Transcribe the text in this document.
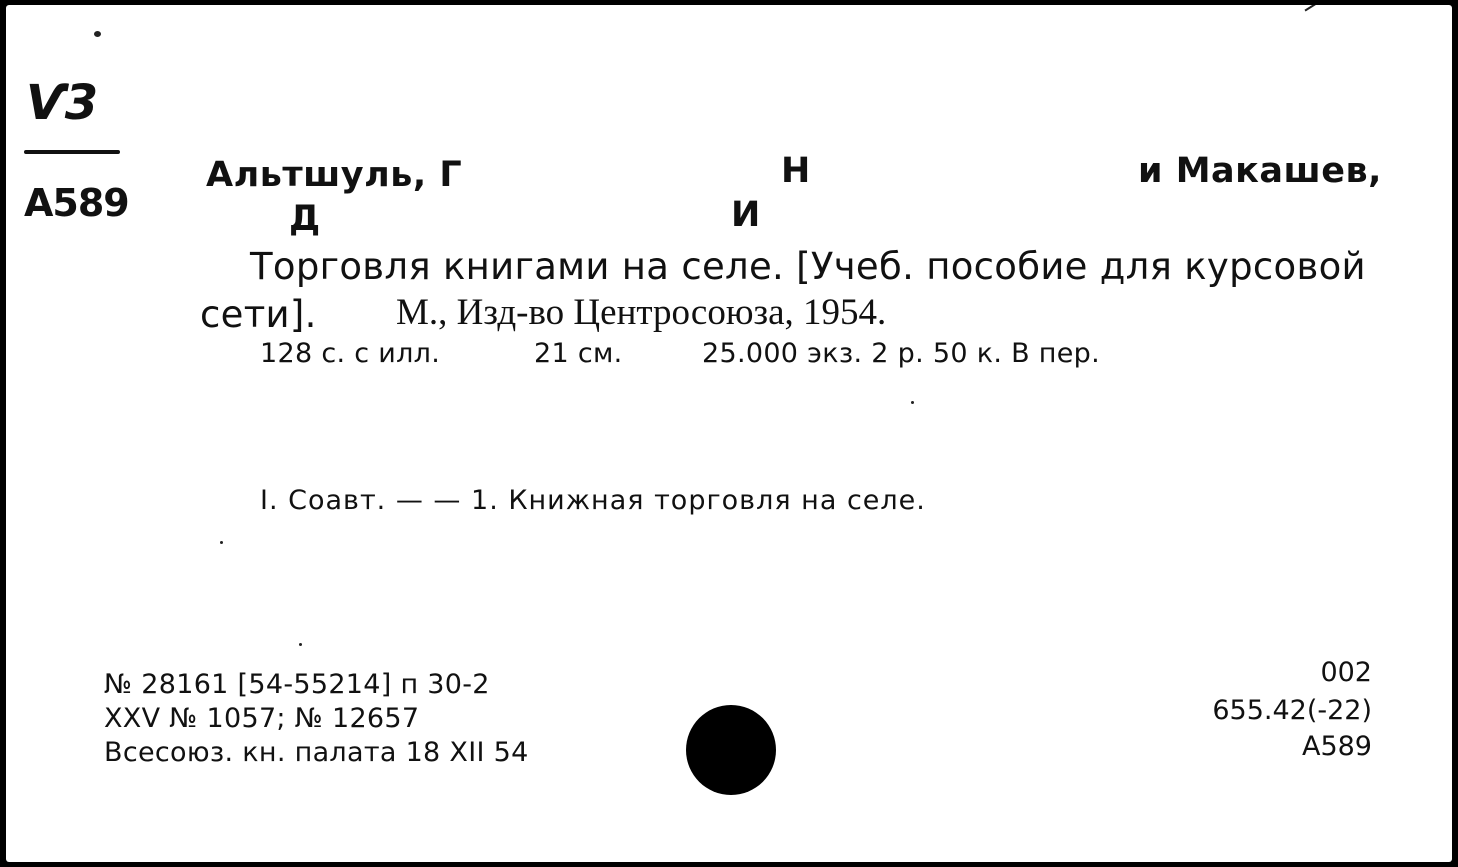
Ѵ3
А589
Альтшуль, Г	Н	и Макашев,
Д	И
Торговля книгами на селе. [Учеб. пособие для курсовой
сети]. М., Изд-во Центросоюза, 1954.
128 с. с илл.	21 см.	25.000 экз. 2 р. 50 к. В пер.
I. Соавт. — — 1. Книжная торговля на селе.
№ 28161 [54-55214] п 30-2
XXV № 1057; № 12657
Всесоюз. кн. палата 18 XII 54
002
655.42(-22)
А589
